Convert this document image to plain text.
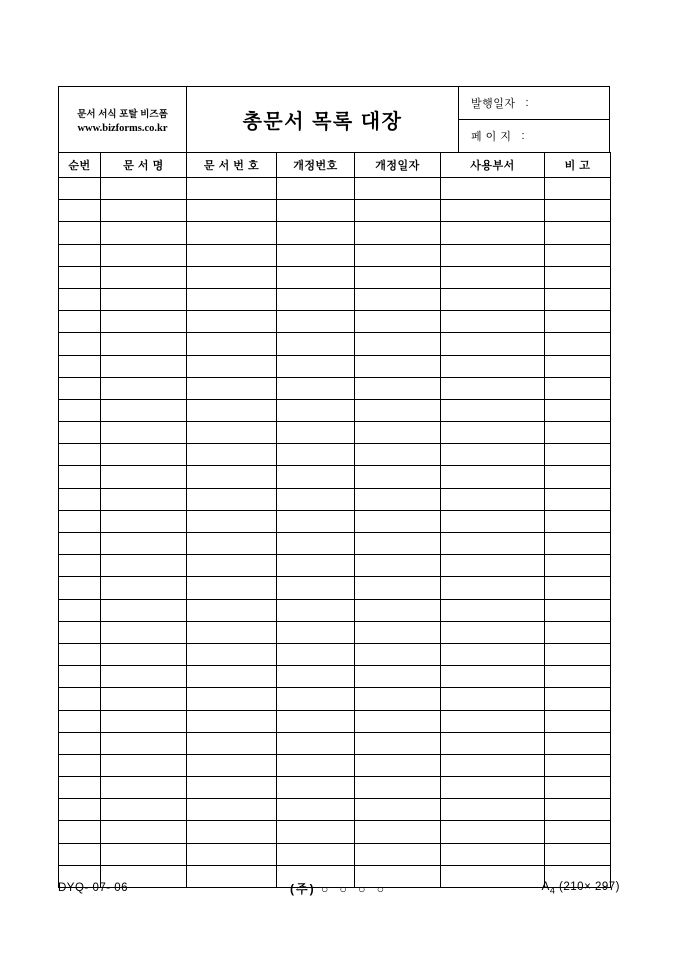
문서 서식 포탈 비즈폼
www.bizforms.co.kr	총문서 목록 대장
발행일자 :
페 이 지 :
순번	문 서 명	문 서 번 호	개정번호	개정일자	사용부서	비 고

DYQ- 07- 06	(주) ○ ○ ○ ○	$A_4$ (210× 297)
